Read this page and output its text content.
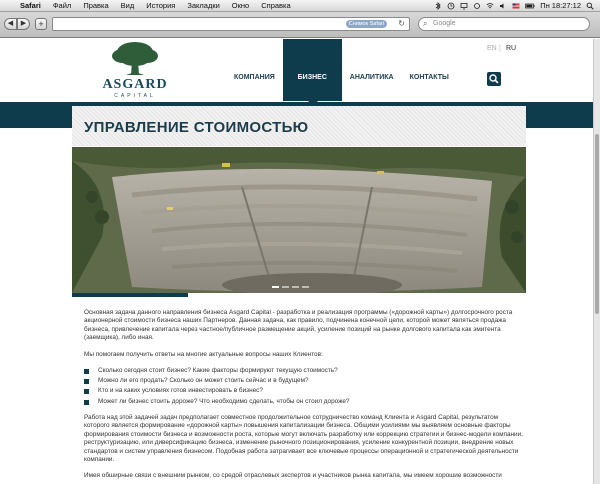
Safari	Файл	Правка	Вид	История	Закладки	Окно	Справка	Пн 18:27:12
◀	▶	+	Снимок Safari	↻ ⌕ Google
ASGARD
CAPITAL
КОМПАНИЯ	БИЗНЕС	АНАЛИТИКА	КОНТАКТЫ
EN | RU
УПРАВЛЕНИЕ СТОИМОСТЬЮ

Основная задача данного направления бизнеса Asgard Capital - разработка и реализация программы («дорожной карты») долгосрочного роста акционерной стоимости бизнеса наших Партнеров. Данная задача, как правило, подчинена конечной цели, которой может являться продажа бизнеса, привлечение капитала через частное/публичное размещение акций, усиление позиций на рынке долгового капитала как эмитента (заемщика), либо иная.

Мы помогаем получить ответы на многие актуальные вопросы наших Клиентов:

Сколько сегодня стоит бизнес? Какие факторы формируют текущую стоимость?
Можно ли его продать? Сколько он может стоить сейчас и в будущем?
Кто и на каких условиях готов инвестировать в бизнес?
Может ли бизнес стоить дороже? Что необходимо сделать, чтобы он стоил дороже?

Работа над этой задачей задач предполагает совместное продолжительное сотрудничество команд Клиента и Asgard Capital, результатом которого является формирование «дорожной карты» повышения капитализации бизнеса. Общими усилиями мы выявляем основные факторы формирования стоимости бизнеса и возможности роста, которые могут включать разработку или коррекцию стратегии и бизнес-модели компании, реструктуризацию, или диверсификацию бизнеса, изменение рыночного позиционирования, усиление конкурентной позиции, внедрение новых стандартов и систем управления бизнесом. Подобная работа затрагивает все ключевые процессы операционной и стратегической деятельности компании.

Имея обширные связи с внешним рынком, со средой отраслевых экспертов и участников рынка капитала, мы имеем хорошие возможности
